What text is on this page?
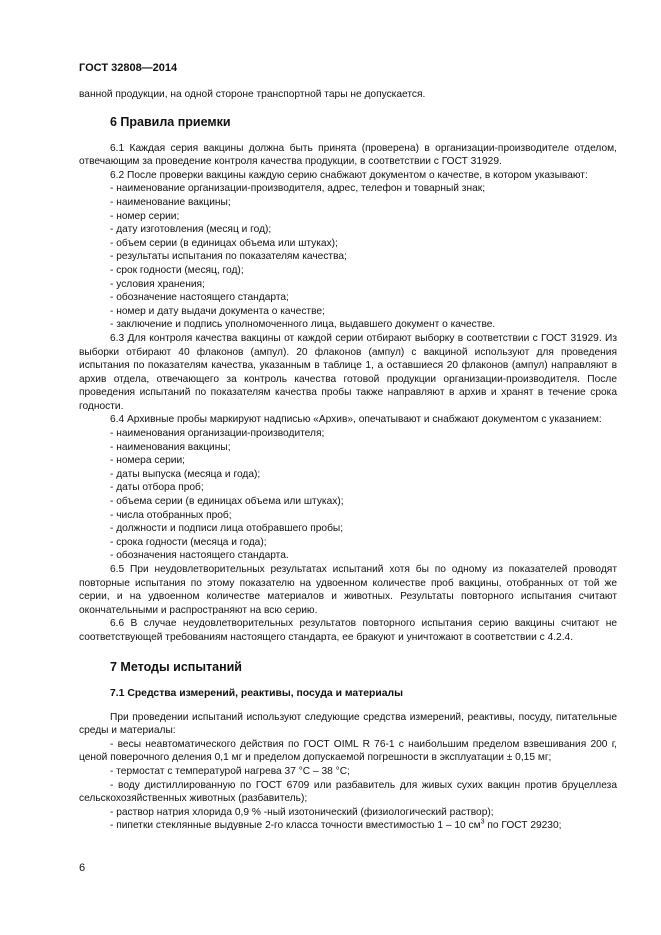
ГОСТ 32808—2014

ванной продукции, на одной стороне транспортной тары не допускается.

6 Правила приемки

6.1 Каждая серия вакцины должна быть принята (проверена) в организации-производителе отделом, отвечающим за проведение контроля качества продукции, в соответствии с ГОСТ 31929.

6.2 После проверки вакцины каждую серию снабжают документом о качестве, в котором указывают:

- наименование организации-производителя, адрес, телефон и товарный знак;

- наименование вакцины;

- номер серии;

- дату изготовления (месяц и год);

- объем серии (в единицах объема или штуках);

- результаты испытания по показателям качества;

- срок годности (месяц, год);

- условия хранения;

- обозначение настоящего стандарта;

- номер и дату выдачи документа о качестве;

- заключение и подпись уполномоченного лица, выдавшего документ о качестве.

6.3 Для контроля качества вакцины от каждой серии отбирают выборку в соответствии с ГОСТ 31929. Из выборки отбирают 40 флаконов (ампул). 20 флаконов (ампул) с вакциной используют для проведения испытания по показателям качества, указанным в таблице 1, а оставшиеся 20 флаконов (ампул) направляют в архив отдела, отвечающего за контроль качества готовой продукции организации-производителя. После проведения испытаний по показателям качества пробы также направляют в архив и хранят в течение срока годности.

6.4 Архивные пробы маркируют надписью «Архив», опечатывают и снабжают документом с указанием:

- наименования организации-производителя;

- наименования вакцины;

- номера серии;

- даты выпуска (месяца и года);

- даты отбора проб;

- объема серии (в единицах объема или штуках);

- числа отобранных проб;

- должности и подписи лица отобравшего пробы;

- срока годности (месяца и года);

- обозначения настоящего стандарта.

6.5 При неудовлетворительных результатах испытаний хотя бы по одному из показателей проводят повторные испытания по этому показателю на удвоенном количестве проб вакцины, отобранных от той же серии, и на удвоенном количестве материалов и животных. Результаты повторного испытания считают окончательными и распространяют на всю серию.

6.6 В случае неудовлетворительных результатов повторного испытания серию вакцины считают не соответствующей требованиям настоящего стандарта, ее бракуют и уничтожают в соответствии с 4.2.4.

7 Методы испытаний
7.1 Средства измерений, реактивы, посуда и материалы

При проведении испытаний используют следующие средства измерений, реактивы, посуду, питательные среды и материалы:

- весы неавтоматического действия по ГОСТ OIML R 76-1 с наибольшим пределом взвешивания 200 г, ценой поверочного деления 0,1 мг и пределом допускаемой погрешности в эксплуатации ± 0,15 мг;

- термостат с температурой нагрева 37 °С – 38 °С;

- воду дистиллированную по ГОСТ 6709 или разбавитель для живых сухих вакцин против бруцеллеза сельскохозяйственных животных (разбавитель);

- раствор натрия хлорида 0,9 % -ный изотонический (физиологический раствор);

- пипетки стеклянные выдувные 2-го класса точности вместимостью 1 – 10 $см^3$ по ГОСТ 29230;

6
